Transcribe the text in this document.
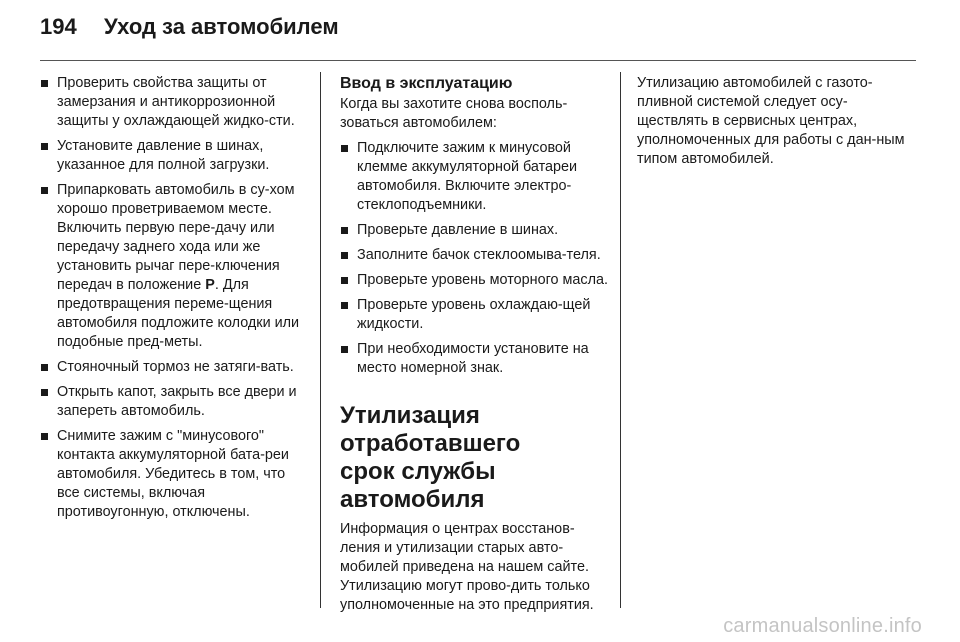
194	Уход за автомобилем
Проверить свойства защиты от замерзания и антикоррозионной защиты у охлаждающей жидко-сти.
Установите давление в шинах, указанное для полной загрузки.
Припарковать автомобиль в су-хом хорошо проветриваемом месте. Включить первую пере-дачу или передачу заднего хода или же установить рычаг пере-ключения передач в положение P. Для предотвращения переме-щения автомобиля подложите колодки или подобные пред-меты.
Стояночный тормоз не затяги-вать.
Открыть капот, закрыть все двери и запереть автомобиль.
Снимите зажим с "минусового" контакта аккумуляторной бата-реи автомобиля. Убедитесь в том, что все системы, включая противоугонную, отключены.
Ввод в эксплуатацию

Когда вы захотите снова восполь-зоваться автомобилем:

Подключите зажим к минусовой клемме аккумуляторной батареи автомобиля. Включите электро-стеклоподъемники.
Проверьте давление в шинах.
Заполните бачок стеклоомыва-теля.
Проверьте уровень моторного масла.
Проверьте уровень охлаждаю-щей жидкости.
При необходимости установите на место номерной знак.
Утилизация отработавшего срок службы автомобиля

Информация о центрах восстанов-ления и утилизации старых авто-мобилей приведена на нашем сайте. Утилизацию могут прово-дить только уполномоченные на это предприятия.

Утилизацию автомобилей с газото-пливной системой следует осу-ществлять в сервисных центрах, уполномоченных для работы с дан-ным типом автомобилей.

carmanualsonline.info
